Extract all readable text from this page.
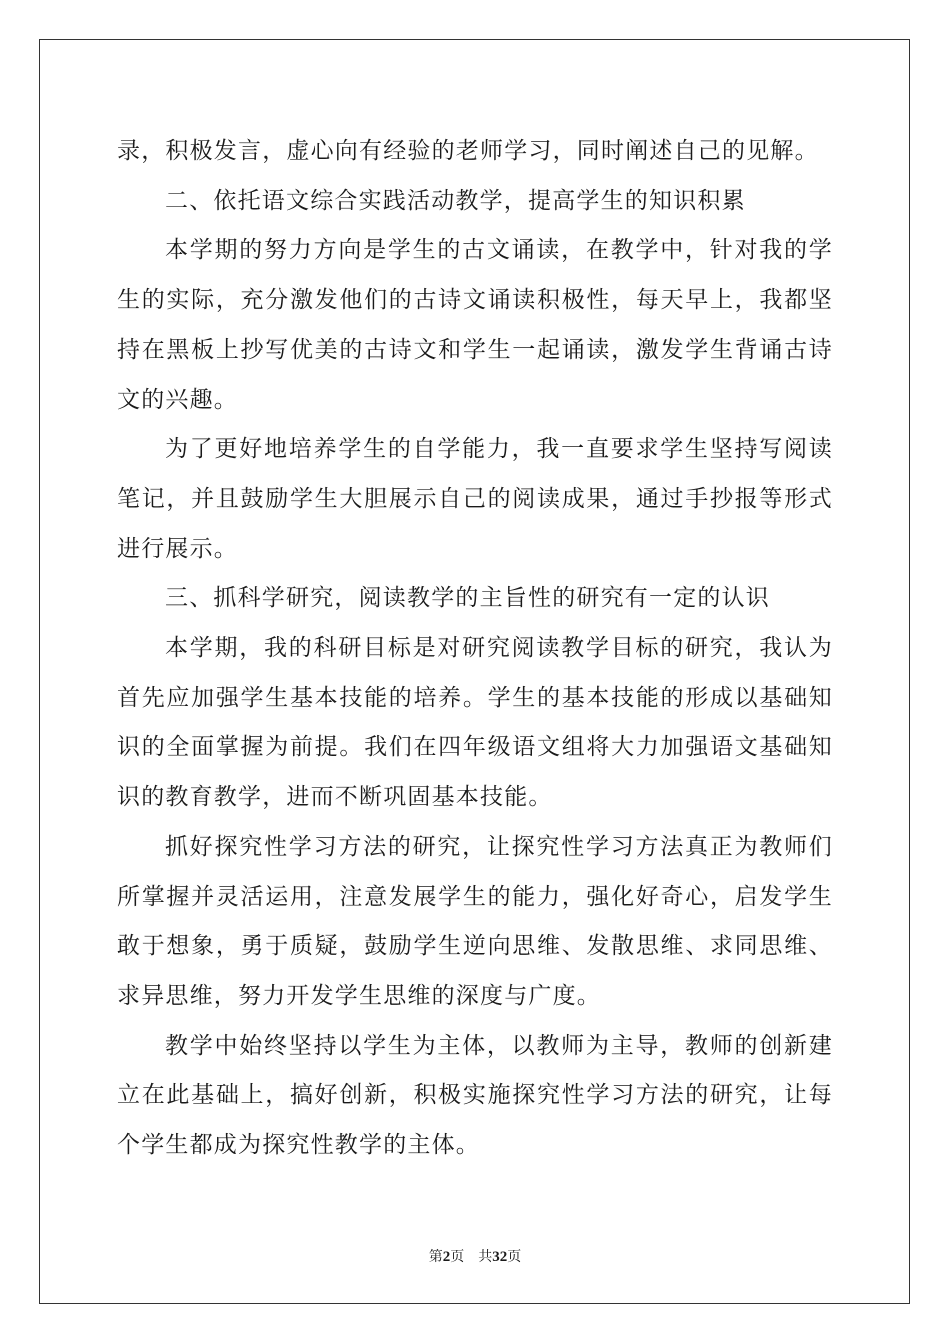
录，积极发言，虚心向有经验的老师学习，同时阐述自己的见解。

二、依托语文综合实践活动教学，提高学生的知识积累

本学期的努力方向是学生的古文诵读，在教学中，针对我的学生的实际，充分激发他们的古诗文诵读积极性，每天早上，我都坚持在黑板上抄写优美的古诗文和学生一起诵读，激发学生背诵古诗文的兴趣。

为了更好地培养学生的自学能力，我一直要求学生坚持写阅读笔记，并且鼓励学生大胆展示自己的阅读成果，通过手抄报等形式进行展示。

三、抓科学研究，阅读教学的主旨性的研究有一定的认识

本学期，我的科研目标是对研究阅读教学目标的研究，我认为首先应加强学生基本技能的培养。学生的基本技能的形成以基础知识的全面掌握为前提。我们在四年级语文组将大力加强语文基础知识的教育教学，进而不断巩固基本技能。

抓好探究性学习方法的研究，让探究性学习方法真正为教师们所掌握并灵活运用，注意发展学生的能力，强化好奇心，启发学生敢于想象，勇于质疑，鼓励学生逆向思维、发散思维、求同思维、求异思维，努力开发学生思维的深度与广度。

教学中始终坚持以学生为主体，以教师为主导，教师的创新建立在此基础上，搞好创新，积极实施探究性学习方法的研究，让每个学生都成为探究性教学的主体。

第2页 共32页
